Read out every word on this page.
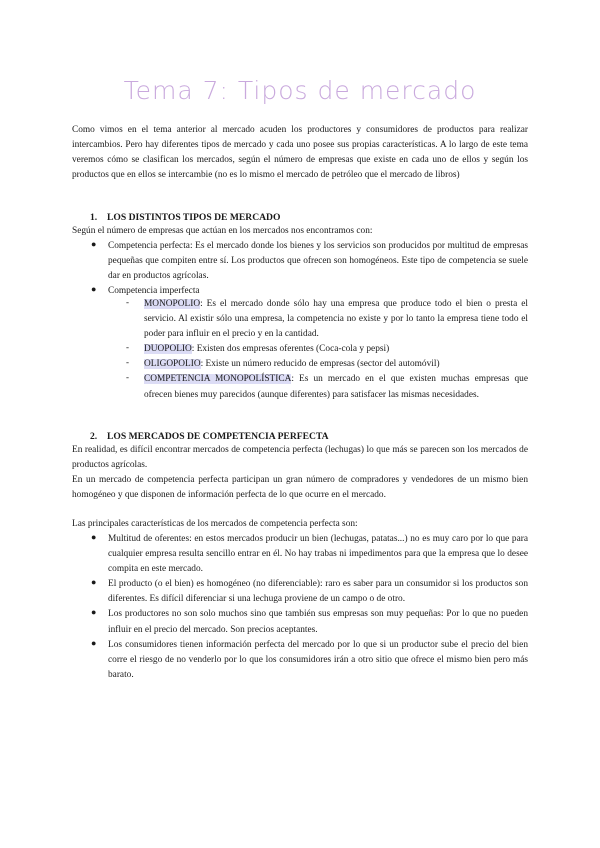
Tema 7: Tipos de mercado

Como vimos en el tema anterior al mercado acuden los productores y consumidores de productos para realizar intercambios. Pero hay diferentes tipos de mercado y cada uno posee sus propias características. A lo largo de este tema veremos cómo se clasifican los mercados, según el número de empresas que existe en cada uno de ellos y según los productos que en ellos se intercambie (no es lo mismo el mercado de petróleo que el mercado de libros)

1. LOS DISTINTOS TIPOS DE MERCADO

Según el número de empresas que actúan en los mercados nos encontramos con:

● Competencia perfecta: Es el mercado donde los bienes y los servicios son producidos por multitud de empresas pequeñas que compiten entre sí. Los productos que ofrecen son homogéneos. Este tipo de competencia se suele dar en productos agrícolas.

● Competencia imperfecta

- MONOPOLIO: Es el mercado donde sólo hay una empresa que produce todo el bien o presta el servicio. Al existir sólo una empresa, la competencia no existe y por lo tanto la empresa tiene todo el poder para influir en el precio y en la cantidad.

- DUOPOLIO: Existen dos empresas oferentes (Coca-cola y pepsi)

- OLIGOPOLIO: Existe un número reducido de empresas (sector del automóvil)

- COMPETENCIA MONOPOLÍSTICA: Es un mercado en el que existen muchas empresas que ofrecen bienes muy parecidos (aunque diferentes) para satisfacer las mismas necesidades.

2. LOS MERCADOS DE COMPETENCIA PERFECTA

En realidad, es difícil encontrar mercados de competencia perfecta (lechugas) lo que más se parecen son los mercados de productos agrícolas.

En un mercado de competencia perfecta participan un gran número de compradores y vendedores de un mismo bien homogéneo y que disponen de información perfecta de lo que ocurre en el mercado.

Las principales características de los mercados de competencia perfecta son:

● Multitud de oferentes: en estos mercados producir un bien (lechugas, patatas...) no es muy caro por lo que para cualquier empresa resulta sencillo entrar en él. No hay trabas ni impedimentos para que la empresa que lo desee compita en este mercado.

● El producto (o el bien) es homogéneo (no diferenciable): raro es saber para un consumidor si los productos son diferentes. Es difícil diferenciar si una lechuga proviene de un campo o de otro.

● Los productores no son solo muchos sino que también sus empresas son muy pequeñas: Por lo que no pueden influir en el precio del mercado. Son precios aceptantes.

● Los consumidores tienen información perfecta del mercado por lo que si un productor sube el precio del bien corre el riesgo de no venderlo por lo que los consumidores irán a otro sitio que ofrece el mismo bien pero más barato.
